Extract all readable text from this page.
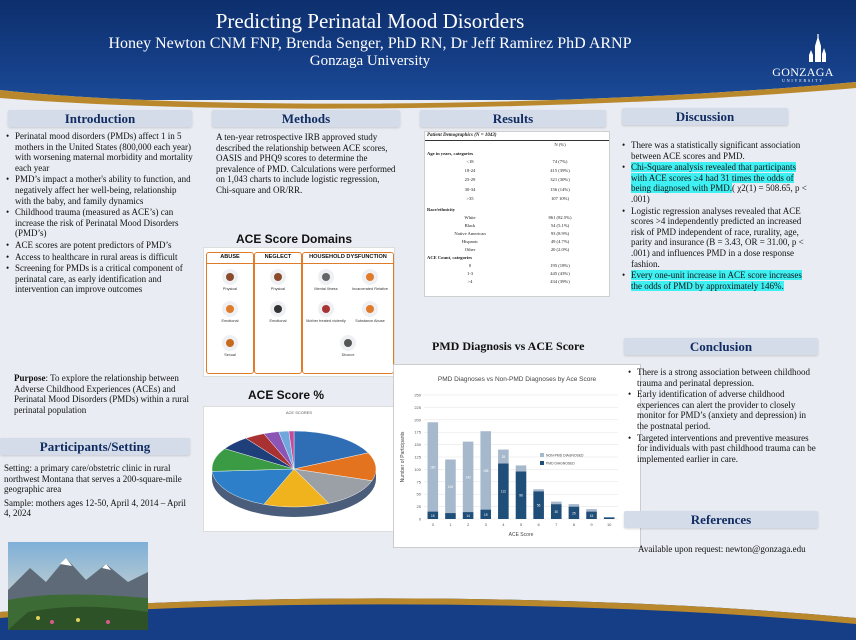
Predicting Perinatal Mood Disorders
Honey Newton CNM FNP, Brenda Senger, PhD RN, Dr Jeff Ramirez PhD ARNP
Gonzaga University
GONZAGA
UNIVERSITY
Introduction
• Perinatal mood disorders (PMDs) affect 1 in 5 mothers in the United States (800,000 each year) with worsening maternal morbidity and mortality each year
• PMD’s impact a mother's ability to function, and negatively affect her well-being, relationship with the baby, and family dynamics
• Childhood trauma (measured as ACE’s) can increase the risk of Perinatal Mood Disorders (PMD’s)
• ACE scores are potent predictors of PMD’s
• Access to healthcare in rural areas is difficult
• Screening for PMDs is a critical component of perinatal care, as early identification and intervention can improve outcomes
Purpose: To explore the relationship between Adverse Childhood Experiences (ACEs) and Perinatal Mood Disorders (PMDs) within a rural perinatal population
Participants/Setting

Setting: a primary care/obstetric clinic in rural northwest Montana that serves a 200-square-mile geographic area

Sample: mothers ages 12-50, April 4, 2014 – April 4, 2024

Methods
A ten-year retrospective IRB approved study described the relationship between ACE scores, OASIS and PHQ9 scores to determine the prevalence of PMD. Calculations were performed on 1,043 charts to include logistic regression, Chi-square and OR/RR.
ACE Score Domains
ABUSE
Physical
Emotional
Sexual
NEGLECT
Physical
Emotional
HOUSEHOLD DYSFUNCTION
Mental Illness	Incarcerated Relative
Mother treated violently	Substance Abuse
Divorce
ACE Score %
ACE SCORES
Results
Patient Demographics (N = 1043)
N (%)
Age in years, categories
<18	74 (7%)
18-24	415 (39%)
25-29	321 (30%)
30-34	156 (14%)
>35	107 10%)
Race/ethnicity
White	861 (82.5%)
Black	54 (5.1%)
Native American	93 (8.9%)
Hispanic	49 (4.7%)
Other	20 (2.0%)
ACE Count, categories
0	195 (18%)
1-3	445 (43%)
>4	434 (39%)
PMD Diagnosis vs ACE Score
PMD Diagnoses vs Non-PMD Diagnoses by Ace Score
0
25
50
75
100
125
150
175
200
225
250
Number of Participants
15
180
0
108
1
14
142
2
19
158
3
112
28
4
96
5
56
6
30
7
25
8
15
9	10
ACE Score
NON-PMD DIAGNOSED
PMD DIAGNOSED
Discussion
• There was a statistically significant association between ACE scores and PMD.
• Chi-Square analysis revealed that participants with ACE scores ≥4 had 31 times the odds of being diagnosed with PMD.( χ2(1) = 508.65, p < .001)
• Logistic regression analyses revealed that ACE scores >4 independently predicted an increased risk of PMD independent of race, rurality, age, parity and insurance (B = 3.43, OR = 31.00, p < .001) and influences PMD in a dose response fashion.
• Every one-unit increase in ACE score increases the odds of PMD by approximately 146%.
Conclusion
• There is a strong association between childhood trauma and perinatal depression.
• Early identification of adverse childhood experiences can alert the provider to closely monitor for PMD’s (anxiety and depression) in the postnatal period.
• Targeted interventions and preventive measures for individuals with past childhood trauma can be implemented earlier in care.
References
Available upon request: newton@gonzaga.edu
